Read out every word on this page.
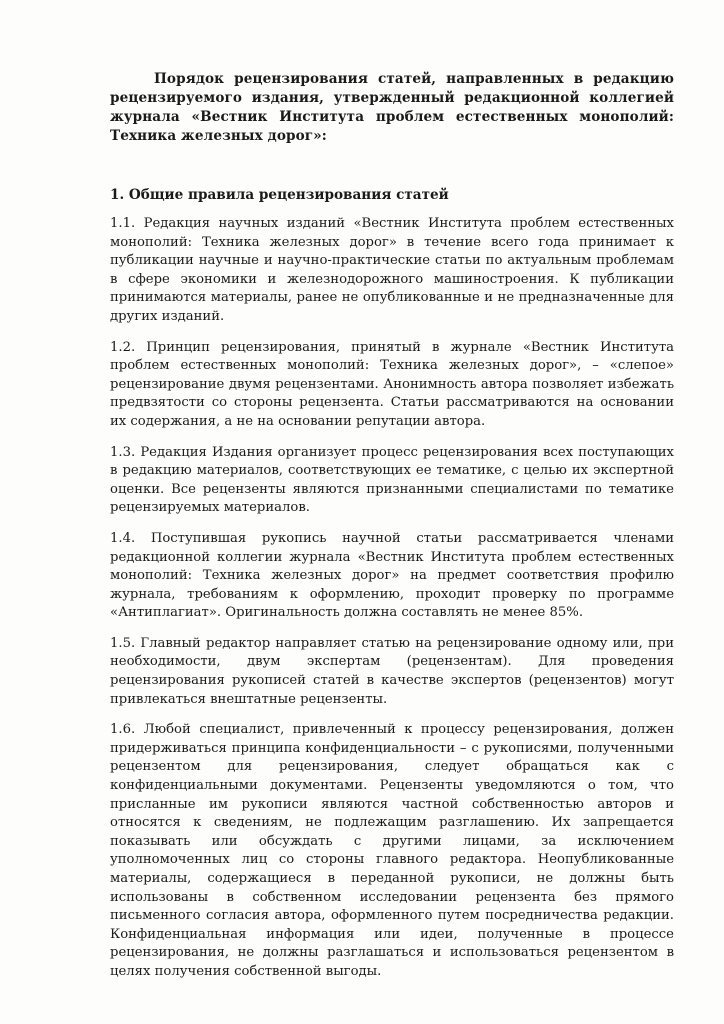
Порядок рецензирования статей, направленных в редакцию рецензируемого издания, утвержденный редакционной коллегией журнала «Вестник Института проблем естественных монополий: Техника железных дорог»:

1. Общие правила рецензирования статей

1.1. Редакция научных изданий «Вестник Института проблем естественных монополий: Техника железных дорог» в течение всего года принимает к публикации научные и научно-практические статьи по актуальным проблемам в сфере экономики и железнодорожного машиностроения. К публикации принимаются материалы, ранее не опубликованные и не предназначенные для других изданий.

1.2. Принцип рецензирования, принятый в журнале «Вестник Института проблем естественных монополий: Техника железных дорог», – «слепое» рецензирование двумя рецензентами. Анонимность автора позволяет избежать предвзятости со стороны рецензента. Статьи рассматриваются на основании их содержания, а не на основании репутации автора.

1.3. Редакция Издания организует процесс рецензирования всех поступающих в редакцию материалов, соответствующих ее тематике, с целью их экспертной оценки. Все рецензенты являются признанными специалистами по тематике рецензируемых материалов.

1.4. Поступившая рукопись научной статьи рассматривается членами редакционной коллегии журнала «Вестник Института проблем естественных монополий: Техника железных дорог» на предмет соответствия профилю журнала, требованиям к оформлению, проходит проверку по программе «Антиплагиат». Оригинальность должна составлять не менее 85%.

1.5. Главный редактор направляет статью на рецензирование одному или, при необходимости, двум экспертам (рецензентам). Для проведения рецензирования рукописей статей в качестве экспертов (рецензентов) могут привлекаться внештатные рецензенты.

1.6. Любой специалист, привлеченный к процессу рецензирования, должен придерживаться принципа конфиденциальности – с рукописями, полученными рецензентом для рецензирования, следует обращаться как с конфиденциальными документами. Рецензенты уведомляются о том, что присланные им рукописи являются частной собственностью авторов и относятся к сведениям, не подлежащим разглашению. Их запрещается показывать или обсуждать с другими лицами, за исключением уполномоченных лиц со стороны главного редактора. Неопубликованные материалы, содержащиеся в переданной рукописи, не должны быть использованы в собственном исследовании рецензента без прямого письменного согласия автора, оформленного путем посредничества редакции. Конфиденциальная информация или идеи, полученные в процессе рецензирования, не должны разглашаться и использоваться рецензентом в целях получения собственной выгоды.
